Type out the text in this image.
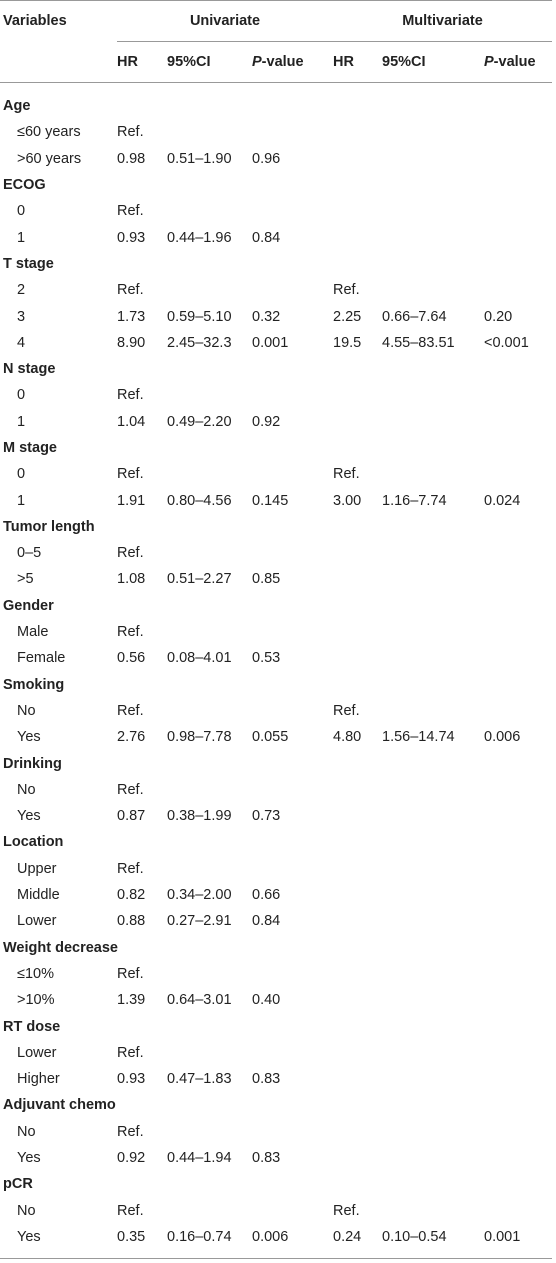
Variables	Univariate			Multivariate		
	HR	95%CI	P-value	HR	95%CI	P-value

Age						
≤60 years	Ref.					
>60 years	0.98	0.51–1.90	0.96			
ECOG						
0	Ref.					
1	0.93	0.44–1.96	0.84			
T stage						
2	Ref.			Ref.		
3	1.73	0.59–5.10	0.32	2.25	0.66–7.64	0.20
4	8.90	2.45–32.3	0.001	19.5	4.55–83.51	<0.001
N stage						
0	Ref.					
1	1.04	0.49–2.20	0.92			
M stage						
0	Ref.			Ref.		
1	1.91	0.80–4.56	0.145	3.00	1.16–7.74	0.024
Tumor length						
0–5	Ref.					
>5	1.08	0.51–2.27	0.85			
Gender						
Male	Ref.					
Female	0.56	0.08–4.01	0.53			
Smoking						
No	Ref.			Ref.		
Yes	2.76	0.98–7.78	0.055	4.80	1.56–14.74	0.006
Drinking						
No	Ref.					
Yes	0.87	0.38–1.99	0.73			
Location						
Upper	Ref.					
Middle	0.82	0.34–2.00	0.66			
Lower	0.88	0.27–2.91	0.84			
Weight decrease						
≤10%	Ref.					
>10%	1.39	0.64–3.01	0.40			
RT dose						
Lower	Ref.					
Higher	0.93	0.47–1.83	0.83			
Adjuvant chemo						
No	Ref.					
Yes	0.92	0.44–1.94	0.83			
pCR						
No	Ref.			Ref.		
Yes	0.35	0.16–0.74	0.006	0.24	0.10–0.54	0.001
